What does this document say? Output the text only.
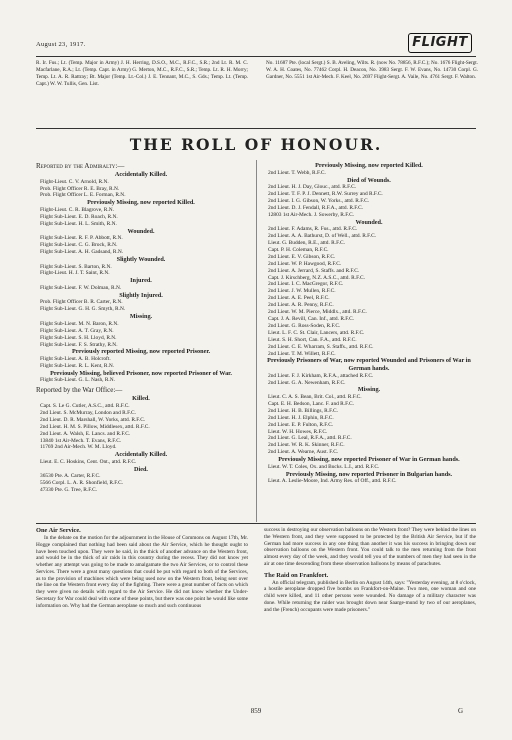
August 23, 1917.	FLIGHT
R. Ir. Fus.; Lt. (Temp. Major in Army) J. H. Herring, D.S.O., M.C., R.F.C., S.R.; 2nd Lt. R. M. C. Macfarlane, R.A.; Lt. (Temp. Capt. in Army) G. Merton, M.C., R.F.C., S.R.; Temp. Lt. R. H. Morry; Temp. Lt. A. R. Rattray; Bt. Major (Temp. Lt.-Col.) J. E. Tennant, M.C., S. Gds.; Temp. Lt. (Temp. Capt.) W. W. Tullis, Gen. List.
No. 11687 Pte. (local Sergt.) S. B. Aveling, Wilts. R. (now No. 78856, R.F.C.); No. 1676 Flight-Sergt. W. A. H. Coates, No. 77462 Corpl. H. Deacon, No. 3983 Sergt. F. W. Evans, No. 14730 Corpl. G. Gardner, No. 5551 1st Air-Mech. F. Keel, No. 2697 Flight-Sergt. A. Vaile, No. 4761 Sergt. F. Walton.
THE ROLL OF HONOUR.
Reported by the Admiralty:—
Accidentally Killed.
Flight-Lieut. C. V. Arnold, R.N.
Prob. Flight Officer R. E. Bray, R.N.
Prob. Flight Officer L. E. Forman, R.N.
Previously Missing, now reported Killed.
Flight-Lieut. C. R. Blagrove, R.N.
Flight Sub-Lieut. E. D. Roach, R.N.
Flight Sub-Lieut. H. L. Smith, R.N.
Wounded.
Flight Sub-Lieut. R. F. P. Abbott, R.N.
Flight Sub-Lieut. C. G. Brock, R.N.
Flight Sub-Lieut. A. H. Gadsand, R.N.
Slightly Wounded.
Flight Sub-Lieut. S. Barton, R.N.
Flight-Lieut. H. J. T. Saint, R.N.
Injured.
Flight Sub-Lieut. F. W. Dolman, R.N.
Slightly Injured.
Prob. Flight Officer B. R. Carter, R.N.
Flight Sub-Lieut. G. H. G. Smyth, R.N.
Missing.
Flight Sub-Lieut. M. N. Baron, R.N.
Flight Sub-Lieut. A. T. Gray, R.N.
Flight Sub-Lieut. S. H. Lloyd, R.N.
Flight Sub-Lieut. F. S. Strathy, R.N.
Previously reported Missing, now reported Prisoner.
Flight Sub-Lieut. A. B. Holcroft.
Flight Sub-Lieut. R. L. Kent, R.N.
Previously Missing, believed Prisoner, now reported Prisoner of War.
Flight Sub-Lieut. G. L. Nash, R.N.
Reported by the War Office:—
Killed.
Capt. S. Le G. Cutler, A.S.C., attd. R.F.C.
2nd Lieut. S. McMurray, London and R.F.C.
2nd Lieut. D. R. Marshall, W. Yorks, attd. R.F.C.
2nd Lieut. H. M. S. Pillow, Middlesex, attd. R.F.C.
2nd Lieut. A. Walsh, E. Lancs. and R.F.C.
13840 1st Air-Mech. T. Evans, R.F.C.
11769 2nd Air-Mech. W. M. Lloyd.
Accidentally Killed.
Lieut. E. C. Hoskins, Cent. Ont., attd. R.F.C.
Died.
36530 Pte. A. Carter, R.F.C.
5566 Corpl. L. A. R. Shonfield, R.F.C.
47330 Pte. G. Tree, R.F.C.
Previously Missing, now reported Killed.
2nd Lieut. T. Webb, R.F.C.
Died of Wounds.
2nd Lieut. H. J. Day, Glouc., attd. R.F.C.
2nd Lieut. T. F. P. J. Dennett, R.W. Surrey and R.F.C.
2nd Lieut. I. G. Gibson, W. Yorks., attd. R.F.C.
2nd Lieut. D. J. Fendall, R.F.A., attd. R.F.C.
12803 1st Air-Mech. J. Sowerby, R.F.C.
Wounded.
2nd Lieut. F. Adams, R. Fus., attd. R.F.C.
2nd Lieut. A. A. Bathurst, D. of Well., attd. R.F.C.
Lieut. G. Budden, R.E., attd. R.F.C.
Capt. P. H. Coleman, R.F.C.
2nd Lieut. E. V. Gibson, R.F.C.
2nd Lieut. W. P. Hawgood, R.F.C.
2nd Lieut. A. Jerrard, S. Staffs. and R.F.C.
Capt. J. Kirschberg, N.Z. A.S.C., attd. R.F.C.
2nd Lieut. I. C. MacGregor, R.F.C.
2nd Lieut. J. W. Mullen, R.F.C.
2nd Lieut. A. E. Peel, R.F.C.
2nd Lieut. A. R. Penny, R.F.C.
2nd Lieut. W. M. Pierce, Middlx., attd. R.F.C.
Capt. J. A. Revill, Can. Inf., attd. R.F.C.
2nd Lieut. G. Ross-Soden, R.F.C.
Lieut. L. F. C. St. Clair, Lancers, attd. R.F.C.
Lieut. S. H. Short, Can. F.A., attd. R.F.C.
2nd Lieut. C. E. Wharram, S. Staffs., attd. R.F.C.
2nd Lieut. T. M. Willett, R.F.C.
Previously Prisoners of War, now reported Wounded and Prisoners of War in German hands.
2nd Lieut. F. J. Kirkham, R.F.A., attached R.F.C.
2nd Lieut. G. A. Newenham, R.F.C.
Missing.
Lieut. C. A. S. Bean, Brit. Col., attd. R.F.C.
Capt. E. H. Bedson, Lanc. F. and R.F.C.
2nd Lieut. H. B. Billings, R.F.C.
2nd Lieut. H. J. Elphin, R.F.C.
2nd Lieut. E. P. Fulton, R.F.C.
Lieut. W. H. Howes, R.F.C.
2nd Lieut. G. Leal, R.F.A., attd. R.F.C.
2nd Lieut. W. R. K. Skinner, R.F.C.
2nd Lieut. A. Wearne, Aust. F.C.
Previously Missing, now reported Prisoner of War in German hands.
Lieut. W. T. Coles, Ox. and Bucks. L.I., attd. R.F.C.
Previously Missing, now reported Prisoner in Bulgarian hands.
Lieut. A. Leslie-Moore, Ind. Army Res. of Off., attd. R.F.C.
One Air Service.
In the debate on the motion for the adjournment in the House of Commons on August 17th, Mr. Hogge complained that nothing had been said about the Air Service, which he thought ought to have been touched upon. They were he said, in the thick of another advance on the Western front, and would be in the thick of air raids in this country during the recess. They did not know yet whether any attempt was going to be made to amalgamate the two Air Services, or to control these Services. There were a great many questions that could be put with regard to both of the Services, as to the provision of machines which were being used now on the Western front, being sent over the line on the Western front every day of the fighting. There were a great number of facts on which they were given no details with regard to the Air Service. He did not know whether the Under-Secretary for War could deal with some of these points, but there was one point he would like some information on. Why had the German aeroplane so much and such continuous
success in destroying our observation balloons on the Western front? They were behind the lines on the Western front, and they were supposed to be protected by the British Air Service, but if the German had more success in any one thing than another it was his success in bringing down our observation balloons on the Western front. You could talk to the men returning from the front almost every day of the week, and they would tell you of the numbers of men they had seen in the air at one time descending from these observation balloons by means of parachutes.
The Raid on Frankfort.
An official telegram, published in Berlin on August 14th, says: "Yesterday evening, at 8 o'clock, a hostile aeroplane dropped five bombs on Frankfort-on-Maine. Two men, one woman and one child were killed, and 11 other persons were wounded. No damage of a military character was done. While returning the raider was brought down near Saarge-mund by two of our aeroplanes, and the (French) occupants were made prisoners."
859	G
